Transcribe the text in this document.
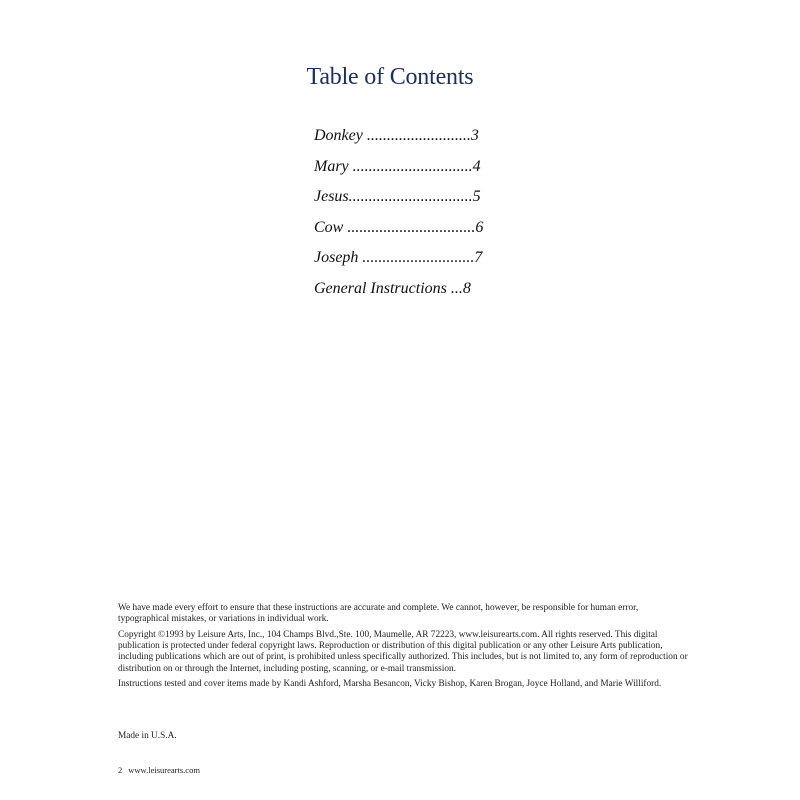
Table of Contents
Donkey ..........................3
Mary ..............................4
Jesus...............................5
Cow ................................6
Joseph ............................7
General Instructions ...8

We have made every effort to ensure that these instructions are accurate and complete. We cannot, however, be responsible for human error, typographical mistakes, or variations in individual work.

Copyright ©1993 by Leisure Arts, Inc., 104 Champs Blvd.,Ste. 100, Maumelle, AR 72223, www.leisurearts.com. All rights reserved. This digital publication is protected under federal copyright laws. Reproduction or distribution of this digital publication or any other Leisure Arts publication, including publications which are out of print, is prohibited unless specifically authorized. This includes, but is not limited to, any form of reproduction or distribution on or through the Internet, including posting, scanning, or e-mail transmission.

Instructions tested and cover items made by Kandi Ashford, Marsha Besancon, Vicky Bishop, Karen Brogan, Joyce Holland, and Marie Williford.

Made in U.S.A.

2 www.leisurearts.com
